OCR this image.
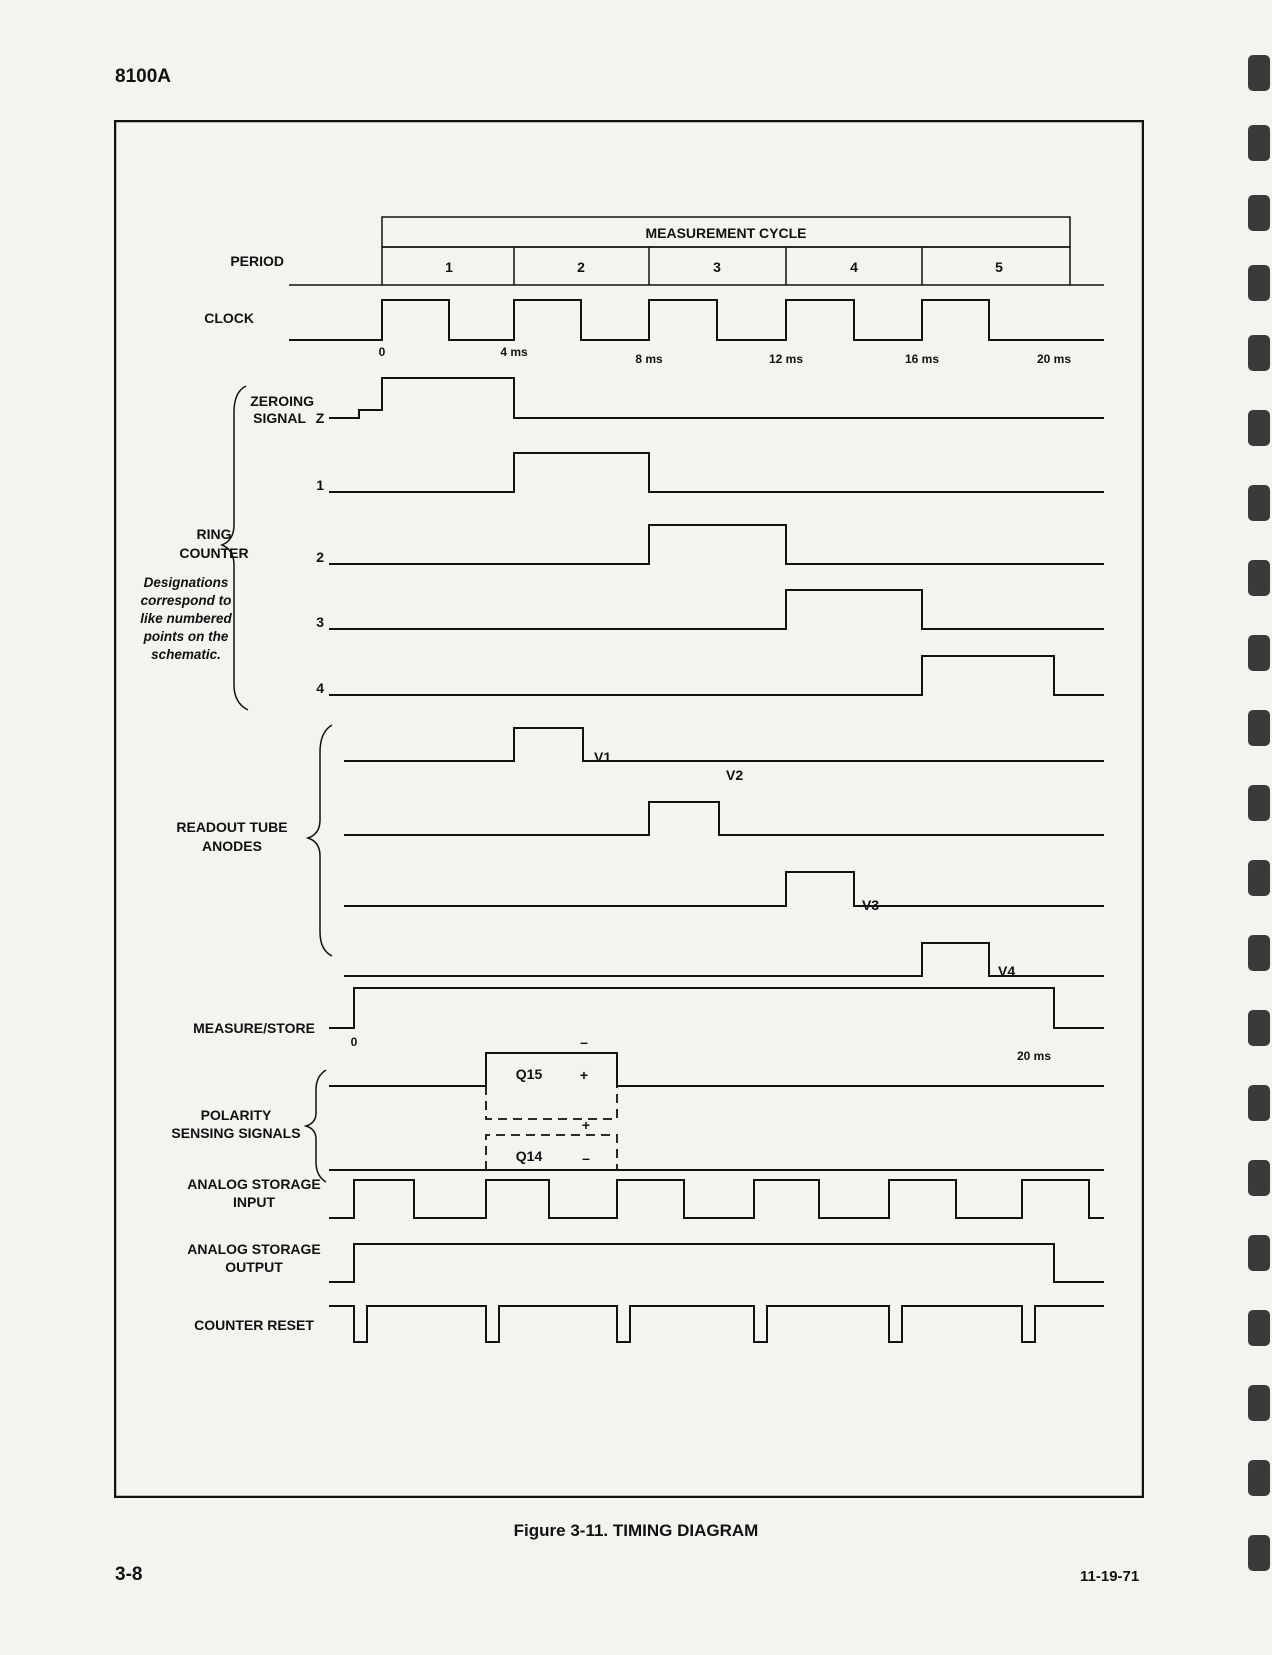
8100A
3-8	11-19-71
Figure 3-11. TIMING DIAGRAM
MEASUREMENT CYCLE
PERIOD	1	2	3	4	5
CLOCK
0	4 ms	8 ms	12 ms	16 ms	20 ms
ZEROING
SIGNAL Z
RING
COUNTER
Designations
correspond to
like numbered
points on the
schematic.
1
2
3
4
READOUT TUBE
ANODES
V1
V2
V3
V4
MEASURE/STORE
0
20 ms
POLARITY
SENSING SIGNALS
Q15
–
+
Q14
+
–
ANALOG STORAGE
INPUT
ANALOG STORAGE
OUTPUT
COUNTER RESET
